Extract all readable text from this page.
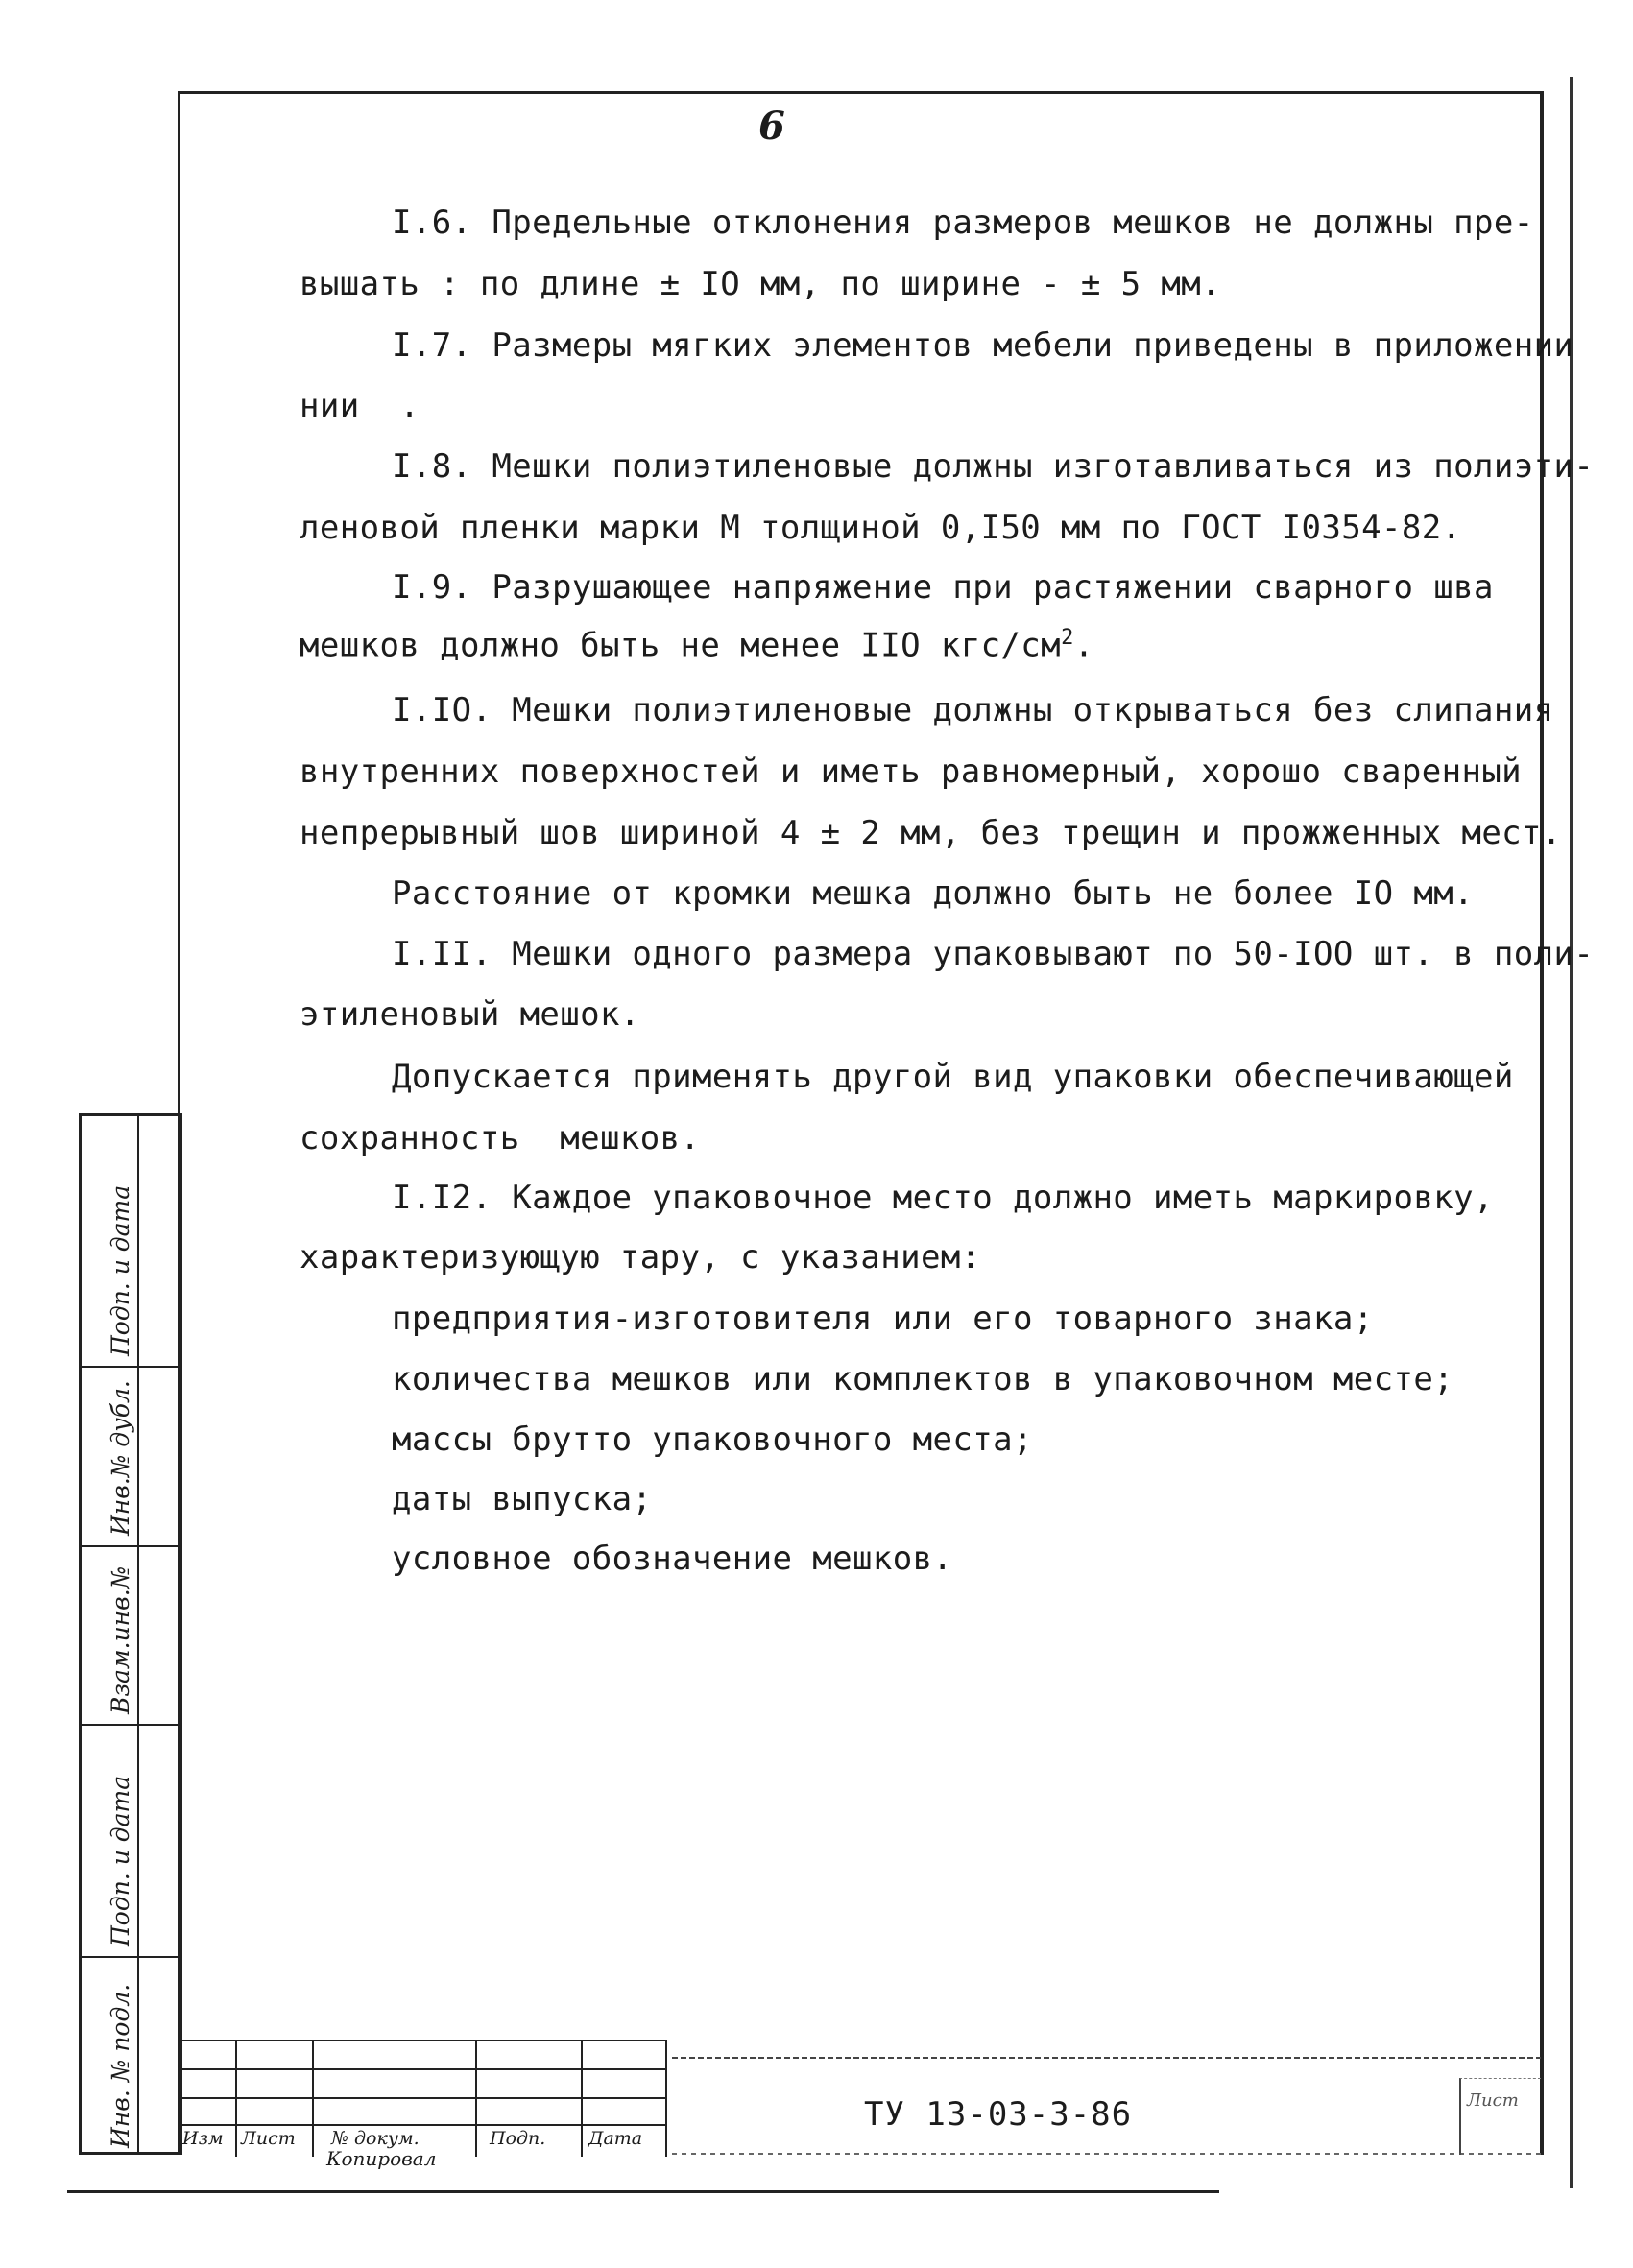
6
I.6. Предельные отклонения размеров мешков не должны пре-
вышать : по длине ± IO мм, по ширине - ± 5 мм.
I.7. Размеры мягких элементов мебели приведены в приложении
нии  .
I.8. Мешки полиэтиленовые должны изготавливаться из полиэти-
леновой пленки марки М толщиной 0,I50 мм по ГОСТ I0354-82.
I.9. Разрушающее напряжение при растяжении сварного шва
мешков должно быть не менее IIO кгс/$см^2$.
I.IO. Мешки полиэтиленовые должны открываться без слипания
внутренних поверхностей и иметь равномерный, хорошо сваренный
непрерывный шов шириной 4 ± 2 мм, без трещин и прожженных мест.
Расстояние от кромки мешка должно быть не более IO мм.
I.II. Мешки одного размера упаковывают по 50-IOO шт. в поли-
этиленовый мешок.
Допускается применять другой вид упаковки обеспечивающей
сохранность  мешков.
I.I2. Каждое упаковочное место должно иметь маркировку,
характеризующую тару, с указанием:
предприятия-изготовителя или его товарного знака;
количества мешков или комплектов в упаковочном месте;
массы брутто упаковочного места;
даты выпуска;
условное обозначение мешков.
Подп. и дата
Инв.№ дубл.
Взам.инв.№
Подп. и дата
Инв. № подл.	Изм Лист № докум.	Подп. Дата
Копировал
ТУ 13-03-3-86	Лист
